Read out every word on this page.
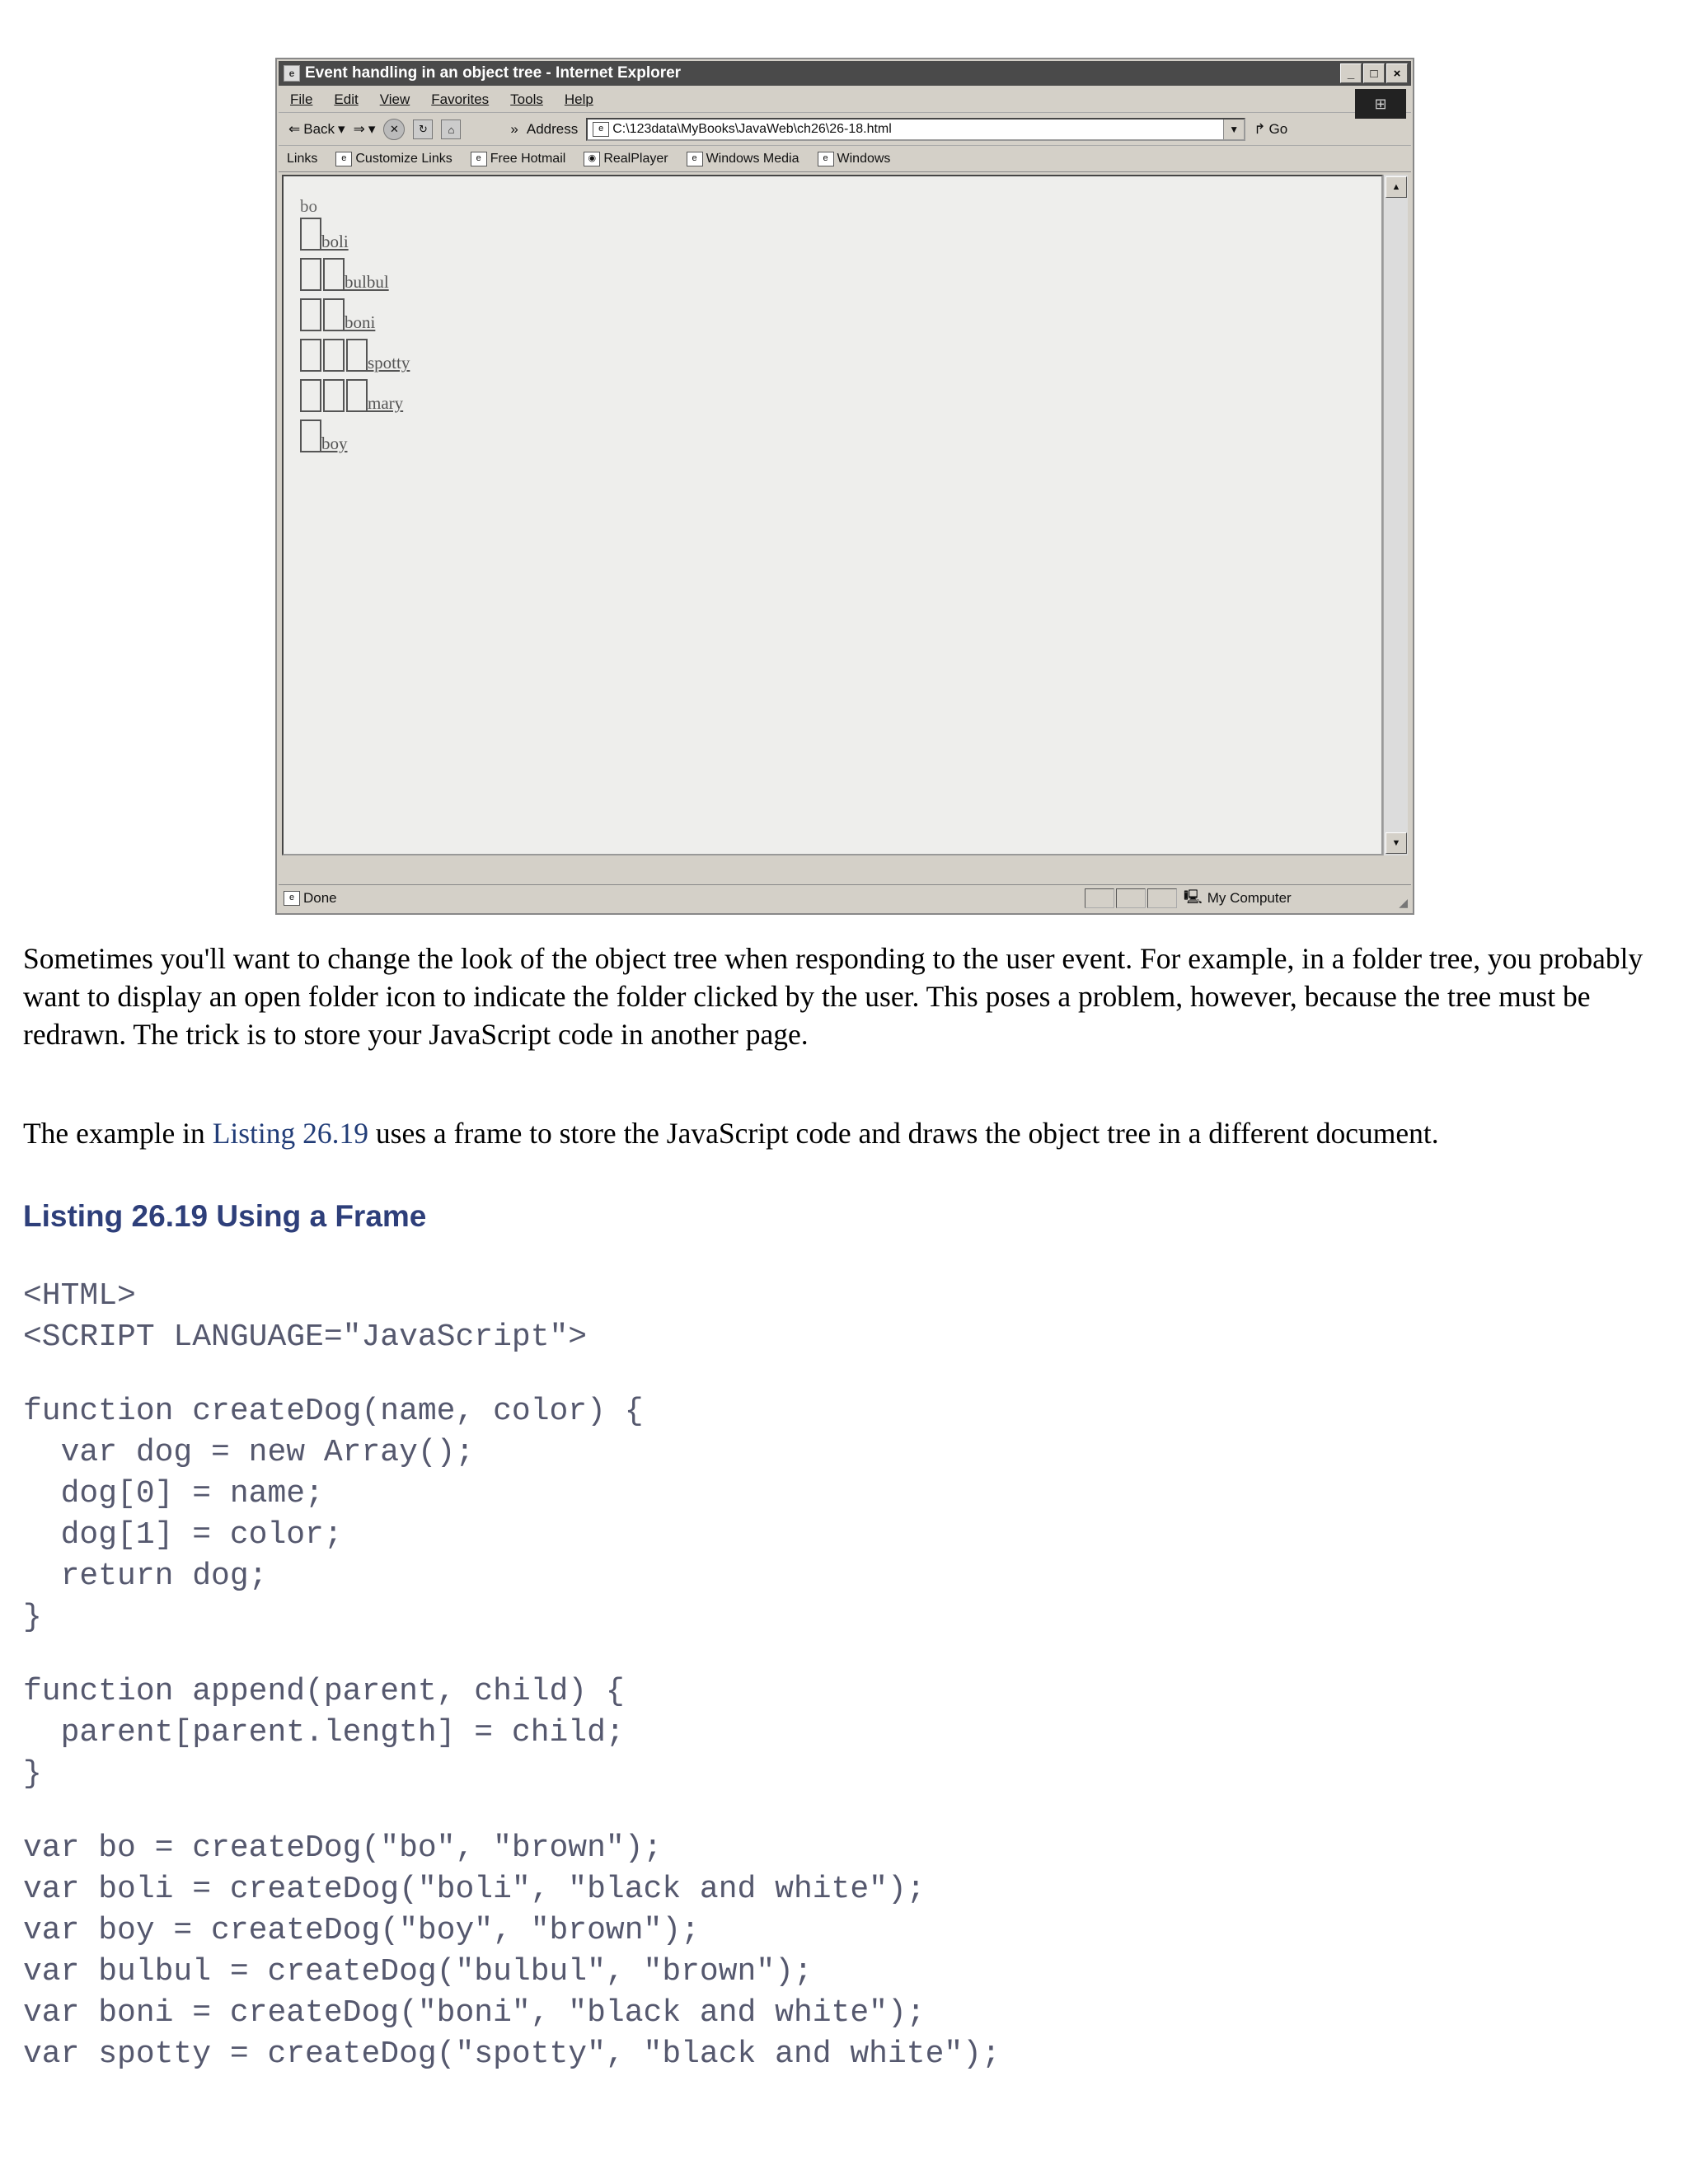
e Event handling in an object tree - Internet Explorer	_	□	×
File Edit View Favorites Tools Help	⊞
⇐ Back ▾ ⇒ ▾	✕	↻	⌂	» Address	e C:\123data\MyBooks\JavaWeb\ch26\26-18.html	▼	↱ Go
Links	e Customize Links	e Free Hotmail	◉ RealPlayer	e Windows Media	e Windows
bo
boli
bulbul
boni
spotty
mary
boy
▲
▼
e Done	🖳 My Computer	◢

Sometimes you'll want to change the look of the object tree when responding to the user event. For example, in a folder tree, you probably want to display an open folder icon to indicate the folder clicked by the user. This poses a problem, however, because the tree must be redrawn. The trick is to store your JavaScript code in another page.

The example in Listing 26.19 uses a frame to store the JavaScript code and draws the object tree in a different document.

Listing 26.19 Using a Frame
<HTML>
<SCRIPT LANGUAGE="JavaScript">
function createDog(name, color) {
var dog = new Array();
dog[0] = name;
dog[1] = color;
return dog;
}
function append(parent, child) {
parent[parent.length] = child;
}
var bo = createDog("bo", "brown");
var boli = createDog("boli", "black and white");
var boy = createDog("boy", "brown");
var bulbul = createDog("bulbul", "brown");
var boni = createDog("boni", "black and white");
var spotty = createDog("spotty", "black and white");
